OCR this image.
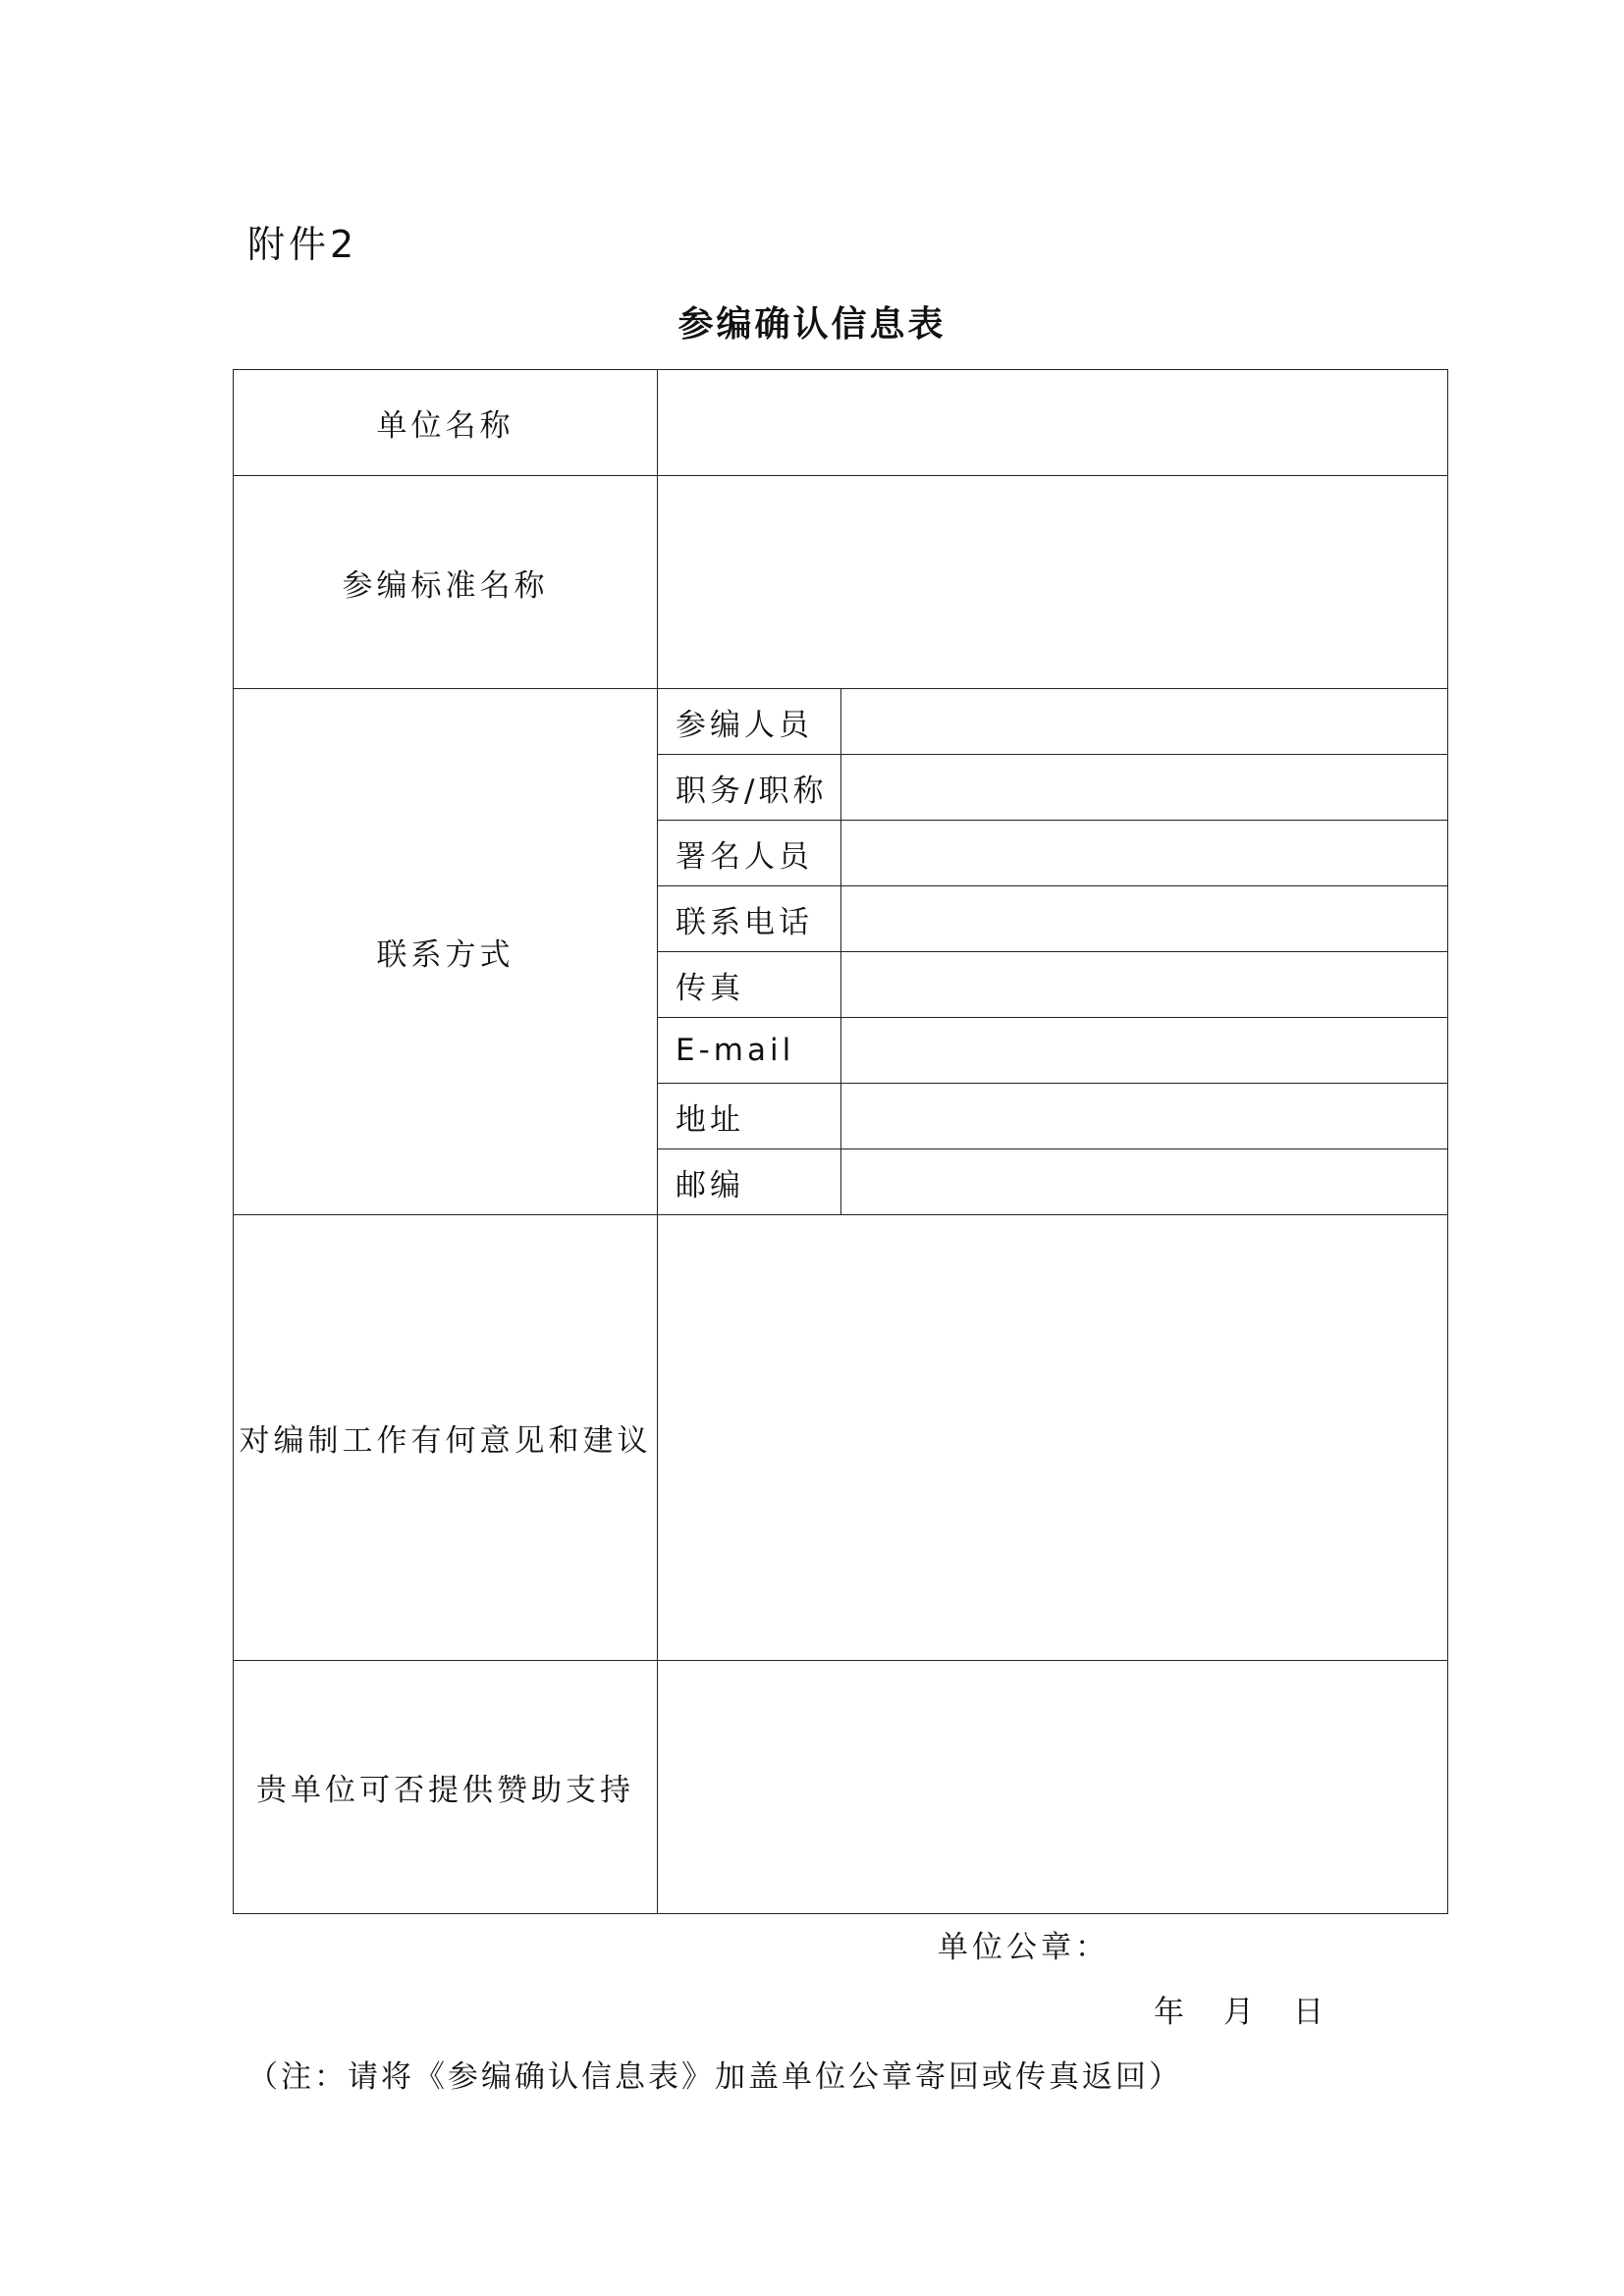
附件2
参编确认信息表
单位名称		
参编标准名称		
联系方式	参编人员	
	职务/职称	
	署名人员	
	联系电话	
	传真	
	E-mail	
	地址	
	邮编	
对编制工作有何意见和建议		
贵单位可否提供赞助支持		
单位公章：
年 月 日
（注：请将《参编确认信息表》加盖单位公章寄回或传真返回）
